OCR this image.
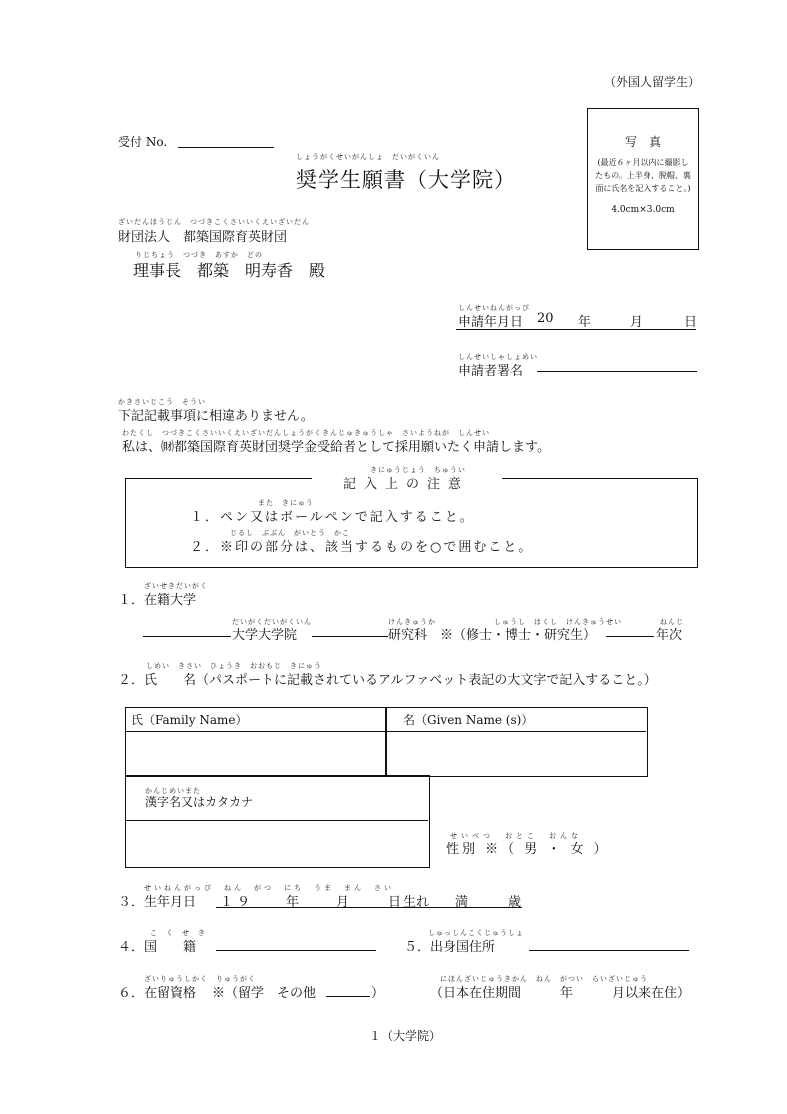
（外国人留学生）
受付 No.
しょうがくせいがんしょ　だいがくいん
奨学生願書（大学院）
写　真
(最近６ヶ月以内に撮影し
たもの。上半身、脱帽、裏
面に氏名を記入すること。)
4.0cm×3.0cm
ざいだんほうじん　つづきこくさいいくえいざいだん
財団法人　都築国際育英財団
りじちょう　つづき　あすか　どの
理事長　都築　明寿香　殿
しんせいねんがっぴ
申請年月日 20 年	月	日
しんせいしゃしょめい
申請者署名
かきさいじこう　そうい
下記記載事項に相違ありません。
わたくし　つづきこくさいいくえいざいだんしょうがくきんじゅきゅうしゃ　さいようねが　しんせい
私は、㈶都築国際育英財団奨学金受給者として採用願いたく申請します。
きにゅうじょう　ちゅうい
記入上の注意
また　きにゅう
１．ペン又はボールペンで記入すること。
じるし　ぶぶん　がいとう　かこ
２．※印の部分は、該当するものを○で囲むこと。
ざいせきだいがく
１．在籍大学
だいがくだいがくいん
大学大学院
けんきゅうか
研究科
しゅうし　はくし　けんきゅうせい
※（修士・博士・研究生）
ねんじ
年次
しめい　きさい　ひょうき　おおもじ　きにゅう
２．氏　　名（パスポートに記載されているアルファベット表記の大文字で記入すること。）
氏（Family Name）	名（Given Name (s)）
かんじめいまた
漢字名又はカタカナ
せいべつ　おとこ　おんな
性別 ※（ 男 ・ 女 ）
せいねんがっぴ　ねん　がつ　にち　うま　まん　さい
３．生年月日 １９ 年	月	日 生れ 満	歳
こくせき
４．国　　籍
しゅっしんこくじゅうしょ
５．出身国住所
ざいりゅうしかく　りゅうがく
６．在留資格 ※（留学　その他	）
にほんざいじゅうきかん　ねん　がつい　らいざいじゅう
（日本在住期間　　　年　　　月以来在住）
１（大学院）
